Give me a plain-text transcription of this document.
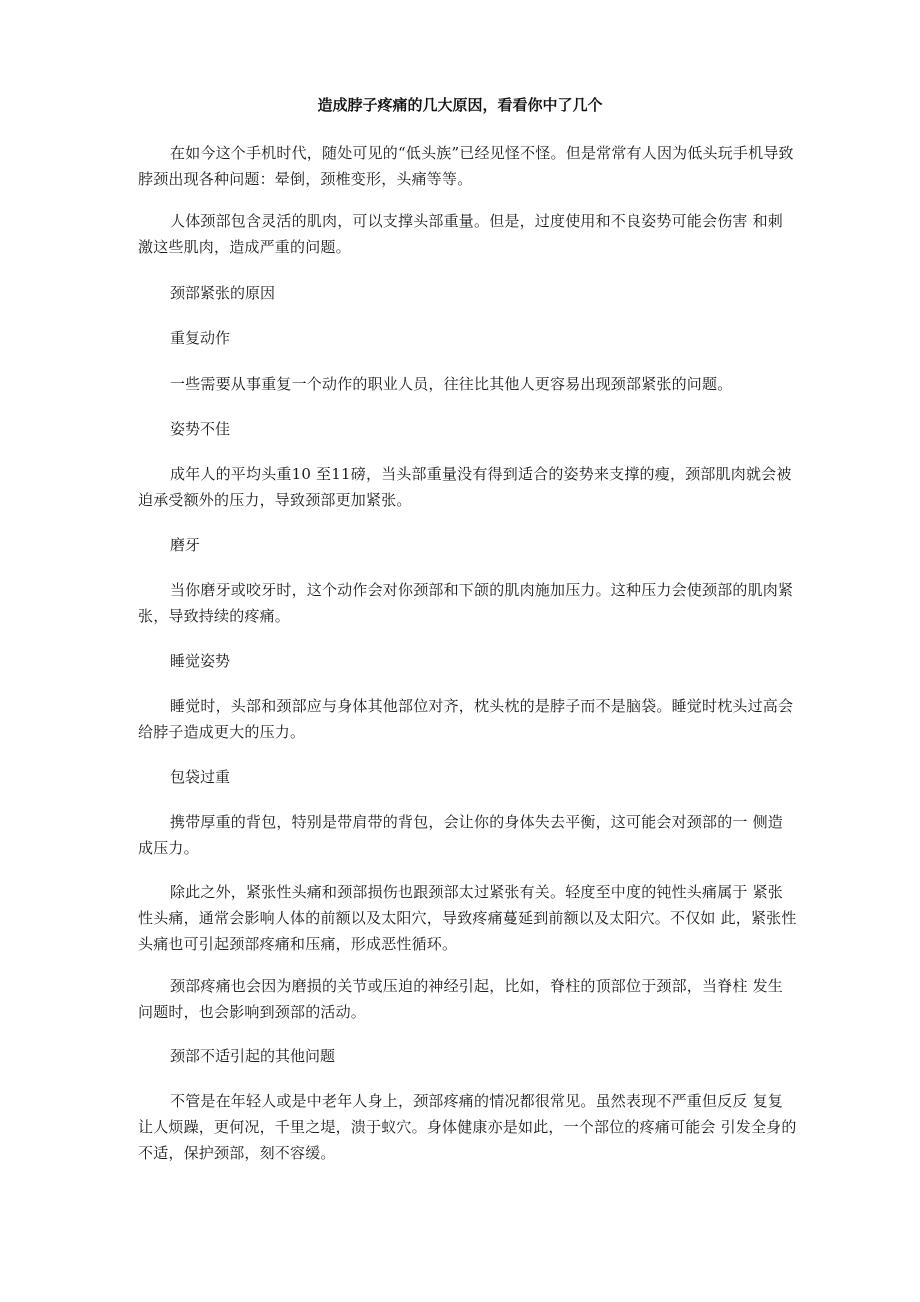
造成脖子疼痛的几大原因，看看你中了几个

在如今这个手机时代，随处可见的“低头族”已经见怪不怪。但是常常有人因为低头玩手机导致脖颈出现各种问题：晕倒，颈椎变形，头痛等等。

人体颈部包含灵活的肌肉，可以支撑头部重量。但是，过度使用和不良姿势可能会伤害 和刺激这些肌肉，造成严重的问题。

颈部紧张的原因

重复动作

一些需要从事重复一个动作的职业人员，往往比其他人更容易出现颈部紧张的问题。

姿势不佳

成年人的平均头重10 至11磅，当头部重量没有得到适合的姿势来支撑的瘦，颈部肌肉就会被迫承受额外的压力，导致颈部更加紧张。

磨牙

当你磨牙或咬牙时，这个动作会对你颈部和下颌的肌肉施加压力。这种压力会使颈部的肌肉紧张，导致持续的疼痛。

睡觉姿势

睡觉时，头部和颈部应与身体其他部位对齐，枕头枕的是脖子而不是脑袋。睡觉时枕头过高会给脖子造成更大的压力。

包袋过重

携带厚重的背包，特别是带肩带的背包，会让你的身体失去平衡，这可能会对颈部的一 侧造成压力。

除此之外，紧张性头痛和颈部损伤也跟颈部太过紧张有关。轻度至中度的钝性头痛属于 紧张性头痛，通常会影响人体的前额以及太阳穴，导致疼痛蔓延到前额以及太阳穴。不仅如 此，紧张性头痛也可引起颈部疼痛和压痛，形成恶性循环。

颈部疼痛也会因为磨损的关节或压迫的神经引起，比如，脊柱的顶部位于颈部，当脊柱 发生问题时，也会影响到颈部的活动。

颈部不适引起的其他问题

不管是在年轻人或是中老年人身上，颈部疼痛的情况都很常见。虽然表现不严重但反反 复复让人烦躁，更何况，千里之堤，溃于蚁穴。身体健康亦是如此，一个部位的疼痛可能会 引发全身的不适，保护颈部，刻不容缓。
